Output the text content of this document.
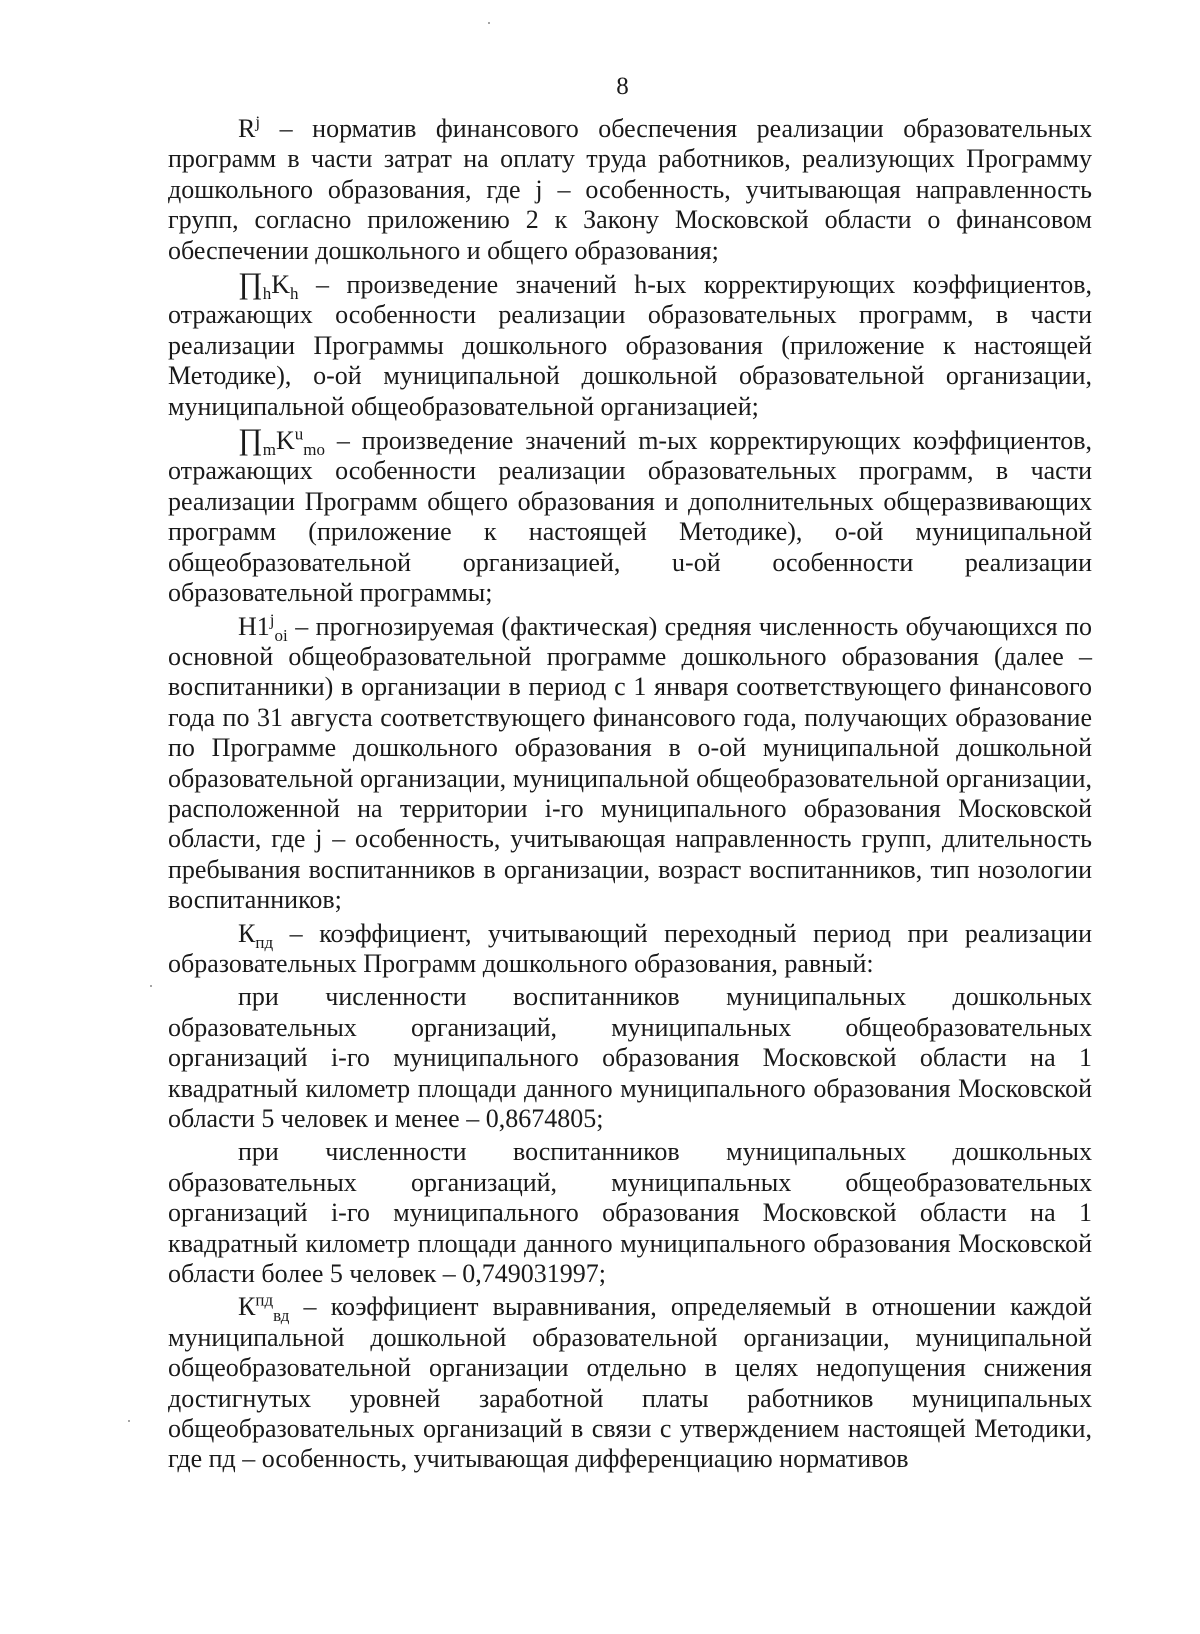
8

$R^j$ – норматив финансового обеспечения реализации образовательных программ в части затрат на оплату труда работников, реализующих Программу дошкольного образования, где j – особенность, учитывающая направленность групп, согласно приложению 2 к Закону Московской области о финансовом обеспечении дошкольного и общего образования;

$\prod_hK_h$ – произведение значений h-ых корректирующих коэффициентов, отражающих особенности реализации образовательных программ, в части реализации Программы дошкольного образования (приложение к настоящей Методике), о-ой муниципальной дошкольной образовательной организации, муниципальной общеобразовательной организацией;

$\prod_mK^u_{mo}$ – произведение значений m-ых корректирующих коэффициентов, отражающих особенности реализации образовательных программ, в части реализации Программ общего образования и дополнительных общеразвивающих программ (приложение к настоящей Методике), о-ой муниципальной общеобразовательной организацией, u-ой особенности реализации образовательной программы;

$Н1^j_{oi}$ – прогнозируемая (фактическая) средняя численность обучающихся по основной общеобразовательной программе дошкольного образования (далее – воспитанники) в организации в период с 1 января соответствующего финансового года по 31 августа соответствующего финансового года, получающих образование по Программе дошкольного образования в о-ой муниципальной дошкольной образовательной организации, муниципальной общеобразовательной организации, расположенной на территории i-го муниципального образования Московской области, где j – особенность, учитывающая направленность групп, длительность пребывания воспитанников в организации, возраст воспитанников, тип нозологии воспитанников;

$К_{пд}$ – коэффициент, учитывающий переходный период при реализации образовательных Программ дошкольного образования, равный:

при численности воспитанников муниципальных дошкольных образовательных организаций, муниципальных общеобразовательных организаций i-го муниципального образования Московской области на 1 квадратный километр площади данного муниципального образования Московской области 5 человек и менее – 0,8674805;

при численности воспитанников муниципальных дошкольных образовательных организаций, муниципальных общеобразовательных организаций i-го муниципального образования Московской области на 1 квадратный километр площади данного муниципального образования Московской области более 5 человек – 0,749031997;

$К^{пд}_{вд}$ – коэффициент выравнивания, определяемый в отношении каждой муниципальной дошкольной образовательной организации, муниципальной общеобразовательной организации отдельно в целях недопущения снижения достигнутых уровней заработной платы работников муниципальных общеобразовательных организаций в связи с утверждением настоящей Методики, где пд – особенность, учитывающая дифференциацию нормативов
